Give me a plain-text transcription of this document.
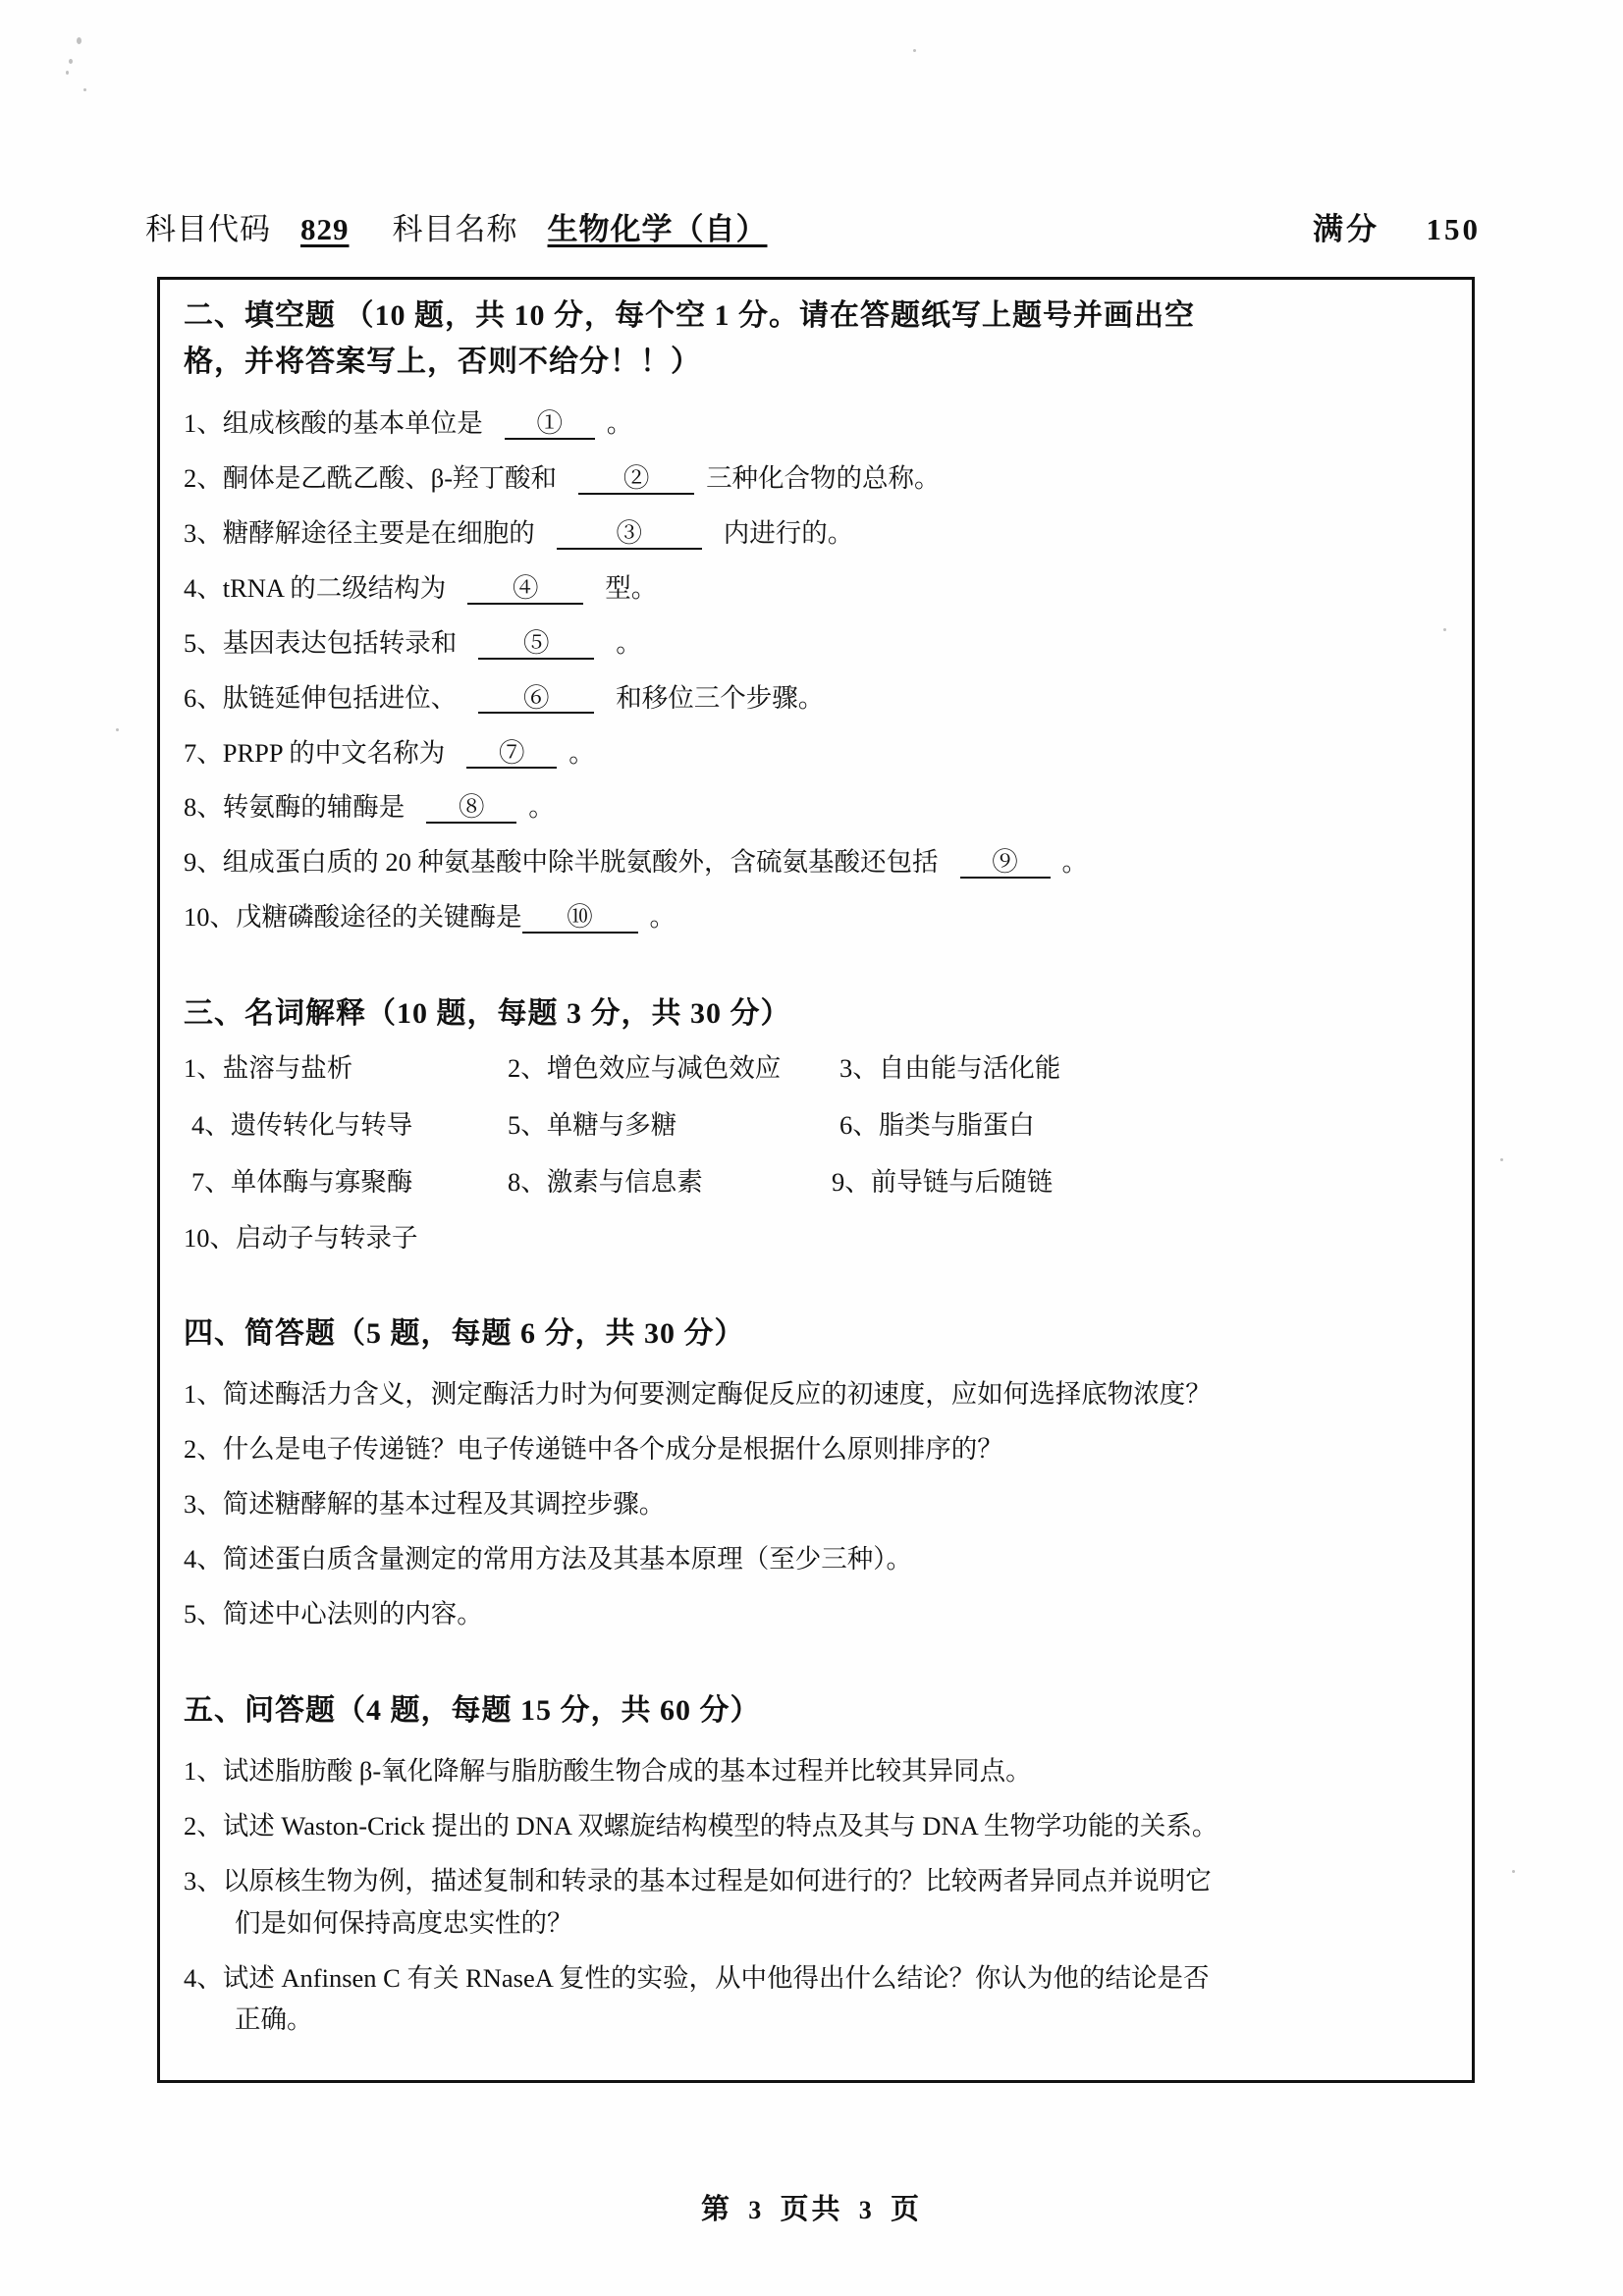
科目代码 829 科目名称 生物化学（自）	满分 150
二、填空题 （10 题，共 10 分，每个空 1 分。请在答题纸写上题号并画出空
格，并将答案写上，否则不给分！！）

1、组成核酸的基本单位是 ① 。

2、酮体是乙酰乙酸、β-羟丁酸和	② 三种化合物的总称。

3、糖酵解途径主要是在细胞的	③	内进行的。

4、tRNA 的二级结构为	④	型。

5、基因表达包括转录和	⑤	。

6、肽链延伸包括进位、	⑥	和移位三个步骤。

7、PRPP 的中文名称为 ⑦ 。

8、转氨酶的辅酶是 ⑧ 。

9、组成蛋白质的 20 种氨基酸中除半胱氨酸外，含硫氨基酸还包括 ⑨ 。

10、戊糖磷酸途径的关键酶是 ⑩ 。

三、名词解释（10 题，每题 3 分，共 30 分）
1、盐溶与盐析	2、增色效应与减色效应	3、自由能与活化能
4、遗传转化与转导	5、单糖与多糖	6、脂类与脂蛋白
7、单体酶与寡聚酶	8、激素与信息素	9、前导链与后随链
10、启动子与转录子
四、简答题（5 题，每题 6 分，共 30 分）

1、简述酶活力含义，测定酶活力时为何要测定酶促反应的初速度，应如何选择底物浓度？

2、什么是电子传递链？电子传递链中各个成分是根据什么原则排序的？

3、简述糖酵解的基本过程及其调控步骤。

4、简述蛋白质含量测定的常用方法及其基本原理（至少三种）。

5、简述中心法则的内容。

五、问答题（4 题，每题 15 分，共 60 分）

1、试述脂肪酸 β-氧化降解与脂肪酸生物合成的基本过程并比较其异同点。

2、试述 Waston-Crick 提出的 DNA 双螺旋结构模型的特点及其与 DNA 生物学功能的关系。

3、以原核生物为例，描述复制和转录的基本过程是如何进行的？比较两者异同点并说明它
们是如何保持高度忠实性的？

4、试述 Anfinsen C 有关 RNaseA 复性的实验，从中他得出什么结论？你认为他的结论是否
正确。

第 3 页共 3 页
